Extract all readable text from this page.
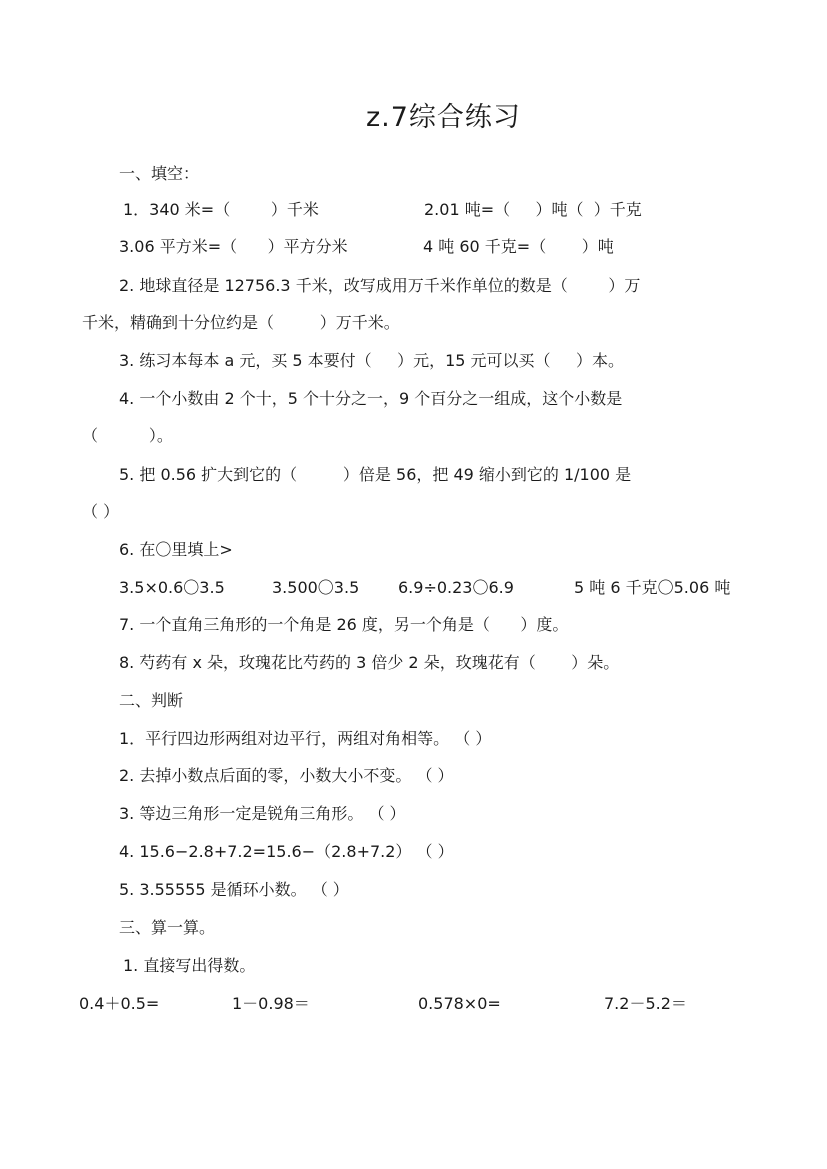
z.7综合练习
一、填空：
1．340 米=（        ）千米	2.01 吨=（     ）吨（  ）千克
3.06 平方米=（      ）平方分米	4 吨 60 千克=（       ）吨
2. 地球直径是 12756.3 千米，改写成用万千米作单位的数是（        ）万
千米，精确到十分位约是（         ）万千米。
3. 练习本每本 a 元，买 5 本要付（     ）元，15 元可以买（     ）本。
4. 一个小数由 2 个十，5 个十分之一，9 个百分之一组成，这个小数是
（          ）。
5. 把 0.56 扩大到它的（         ）倍是 56，把 49 缩小到它的 1/100 是
（ ）
6. 在〇里填上>
3.5×0.6〇3.5	3.500〇3.5 6.9÷0.23〇6.9	5 吨 6 千克〇5.06 吨
7. 一个直角三角形的一个角是 26 度，另一个角是（      ）度。
8. 芍药有 x 朵，玫瑰花比芍药的 3 倍少 2 朵，玫瑰花有（       ）朵。
二、判断
1．平行四边形两组对边平行，两组对角相等。 （ ）
2. 去掉小数点后面的零，小数大小不变。 （ ）
3. 等边三角形一定是锐角三角形。 （ ）
4. 15.6−2.8+7.2=15.6−（2.8+7.2） （ ）
5. 3.55555 是循环小数。 （ ）
三、算一算。
1. 直接写出得数。
0.4＋0.5=	1－0.98＝	0.578×0=	7.2－5.2＝
